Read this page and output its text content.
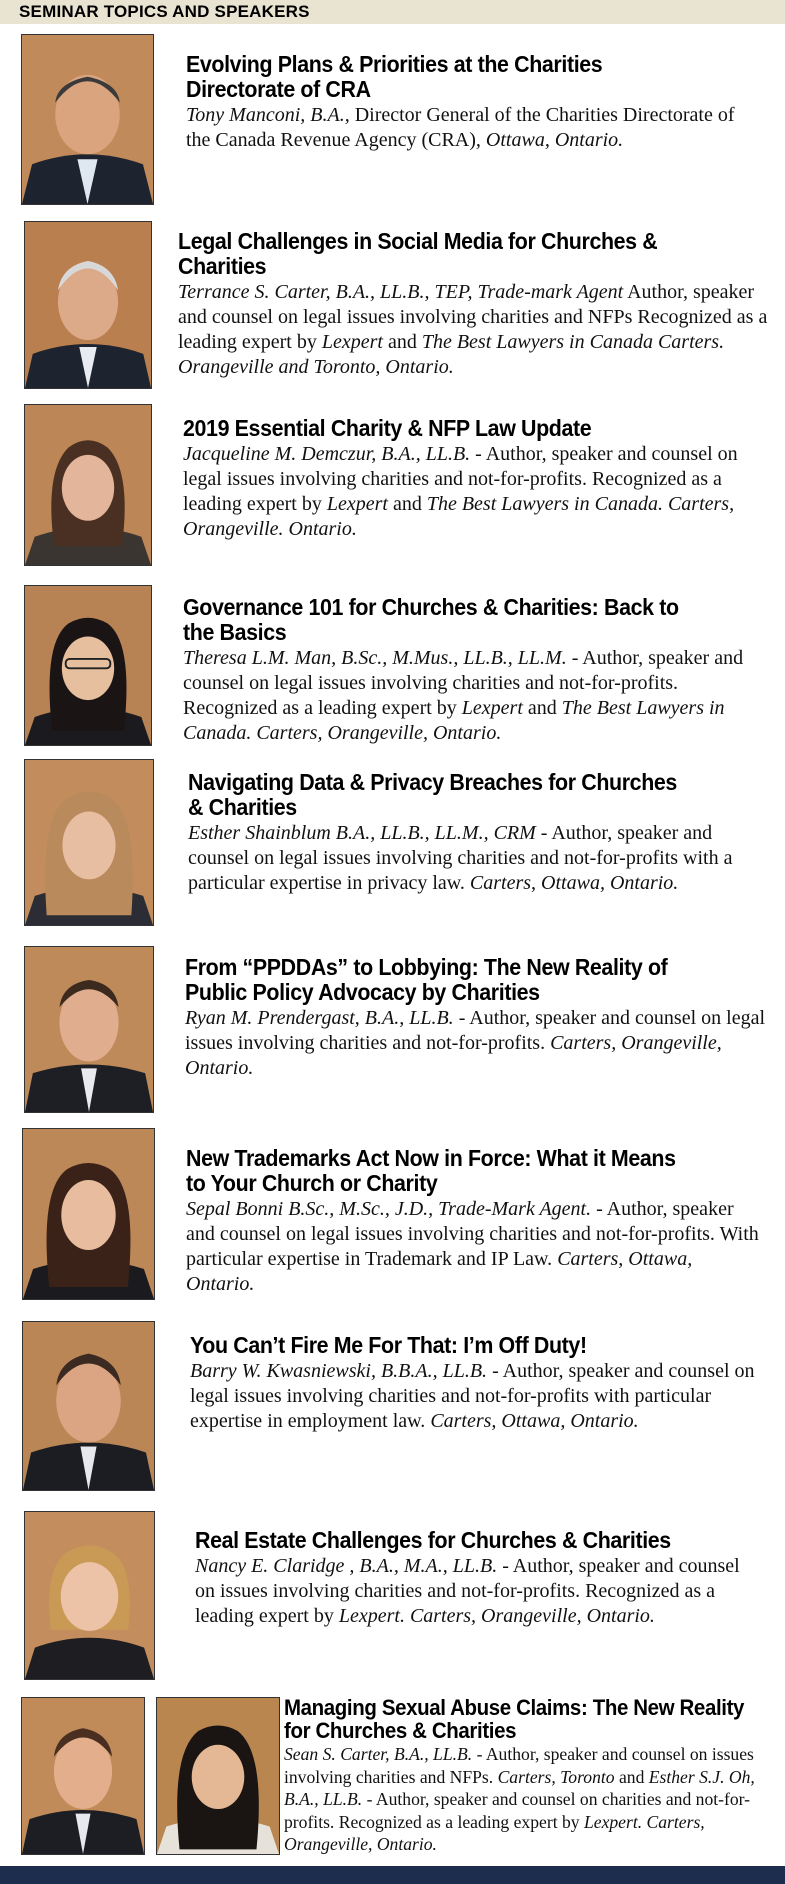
SEMINAR TOPICS AND SPEAKERS
Evolving Plans & Priorities at the Charities Directorate of CRA
Tony Manconi, B.A., Director General of the Charities Directorate of the Canada Revenue Agency (CRA), Ottawa, Ontario.
Legal Challenges in Social Media for Churches & Charities
Terrance S. Carter, B.A., LL.B., TEP, Trade-mark Agent Author, speaker and counsel on legal issues involving charities and NFPs Recognized as a leading expert by Lexpert and The Best Lawyers in Canada Carters. Orangeville and Toronto, Ontario.
2019 Essential Charity & NFP Law Update
Jacqueline M. Demczur, B.A., LL.B. - Author, speaker and counsel on legal issues involving charities and not-for-profits. Recognized as a leading expert by Lexpert and The Best Lawyers in Canada. Carters, Orangeville. Ontario.
Governance 101 for Churches & Charities: Back to the Basics
Theresa L.M. Man, B.Sc., M.Mus., LL.B., LL.M. - Author, speaker and counsel on legal issues involving charities and not-for-profits. Recognized as a leading expert by Lexpert and The Best Lawyers in Canada. Carters, Orangeville, Ontario.
Navigating Data & Privacy Breaches for Churches & Charities
Esther Shainblum B.A., LL.B., LL.M., CRM - Author, speaker and counsel on legal issues involving charities and not-for-profits with a particular expertise in privacy law. Carters, Ottawa, Ontario.
From “PPDDAs” to Lobbying: The New Reality of Public Policy Advocacy by Charities
Ryan M. Prendergast, B.A., LL.B. - Author, speaker and counsel on legal issues involving charities and not-for-profits. Carters, Orangeville, Ontario.
New Trademarks Act Now in Force: What it Means to Your Church or Charity
Sepal Bonni B.Sc., M.Sc., J.D., Trade-Mark Agent. - Author, speaker and counsel on legal issues involving charities and not-for-profits. With particular expertise in Trademark and IP Law. Carters, Ottawa, Ontario.
You Can’t Fire Me For That: I’m Off Duty!
Barry W. Kwasniewski, B.B.A., LL.B. - Author, speaker and counsel on legal issues involving charities and not-for-profits with particular expertise in employment law. Carters, Ottawa, Ontario.
Real Estate Challenges for Churches & Charities
Nancy E. Claridge , B.A., M.A., LL.B. - Author, speaker and counsel on issues involving charities and not-for-profits. Recognized as a leading expert by Lexpert. Carters, Orangeville, Ontario.
Managing Sexual Abuse Claims: The New Reality for Churches & Charities
Sean S. Carter, B.A., LL.B. - Author, speaker and counsel on issues involving charities and NFPs. Carters, Toronto and Esther S.J. Oh, B.A., LL.B. - Author, speaker and counsel on charities and not-for-profits. Recognized as a leading expert by Lexpert. Carters, Orangeville, Ontario.
